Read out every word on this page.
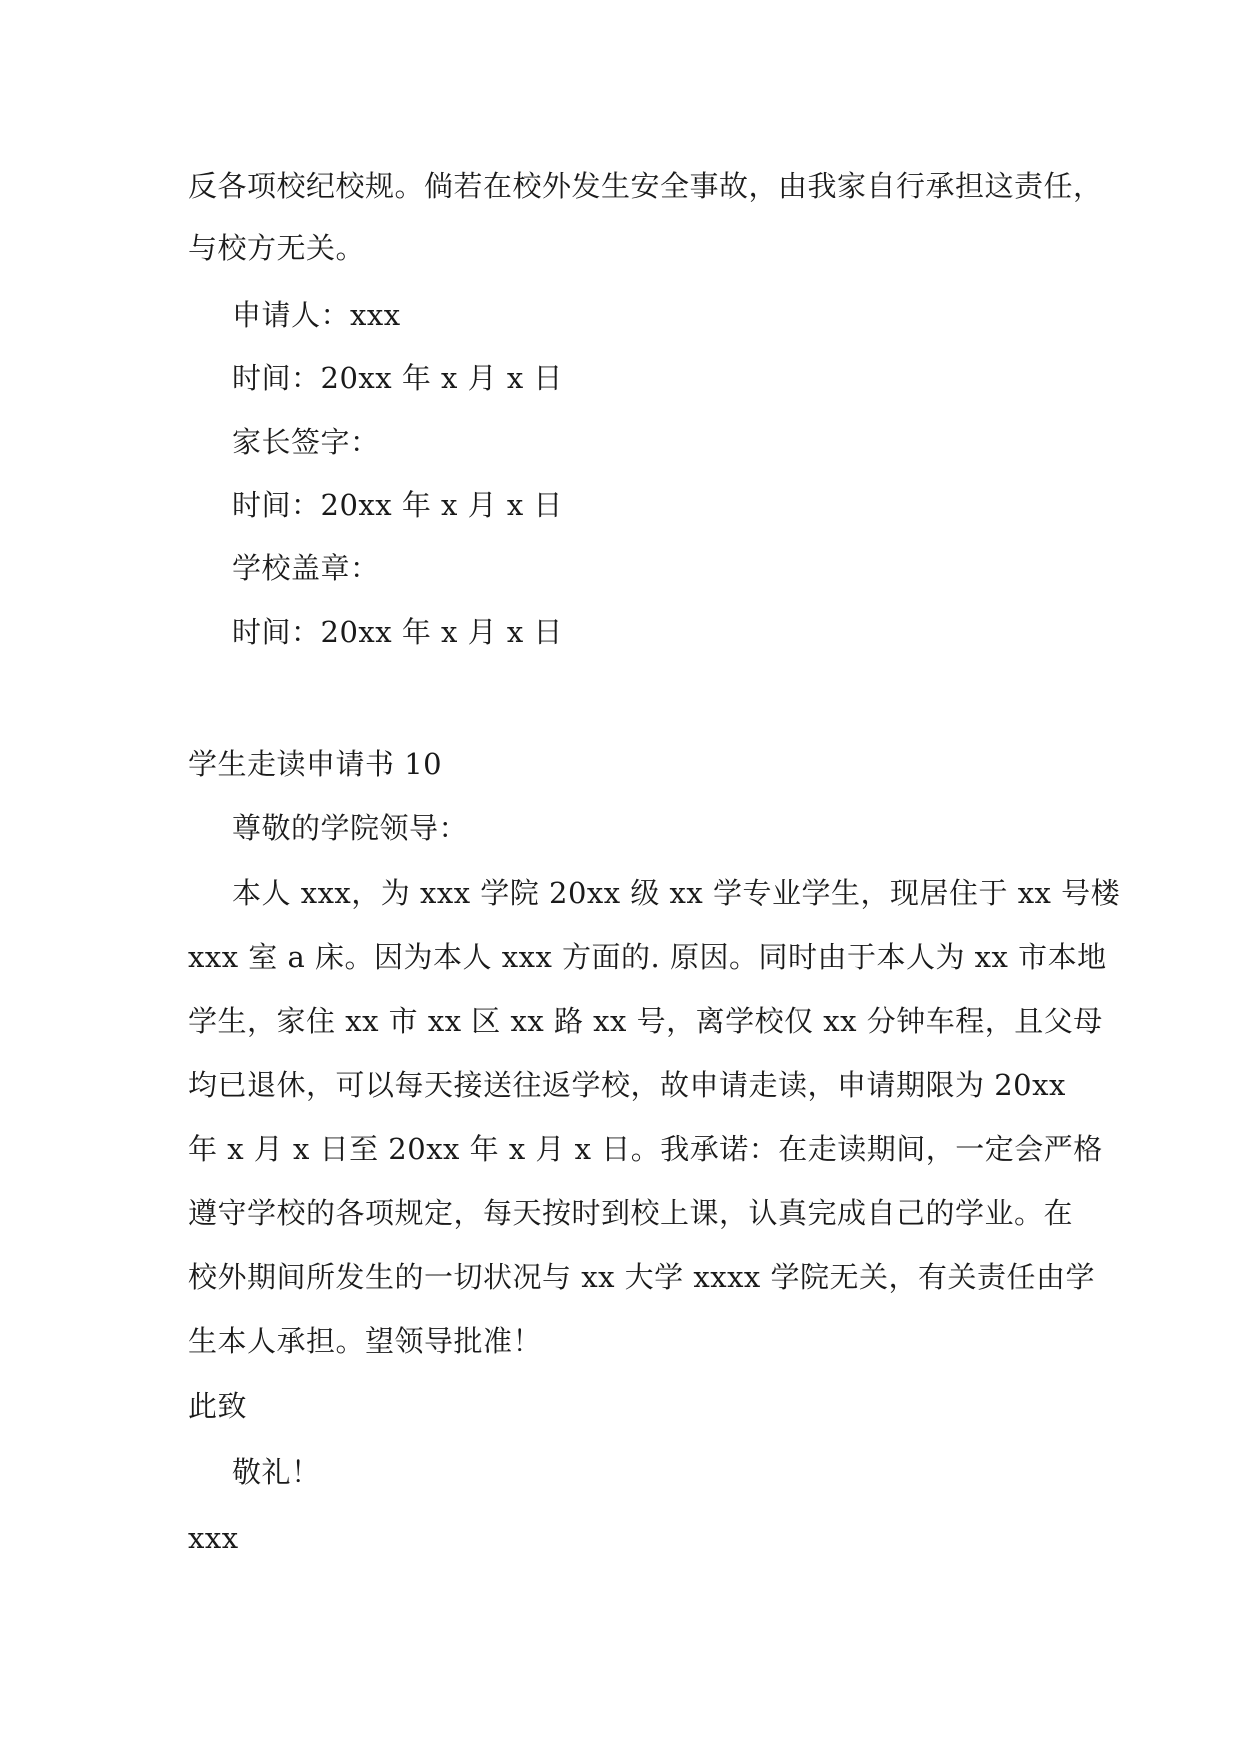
反各项校纪校规。倘若在校外发生安全事故，由我家自行承担这责任，
与校方无关。
申请人：xxx
时间：20xx 年 x 月 x 日
家长签字：
时间：20xx 年 x 月 x 日
学校盖章：
时间：20xx 年 x 月 x 日
学生走读申请书 10
尊敬的学院领导：
本人 xxx，为 xxx 学院 20xx 级 xx 学专业学生，现居住于 xx 号楼
xxx 室 a 床。因为本人 xxx 方面的. 原因。同时由于本人为 xx 市本地
学生，家住 xx 市 xx 区 xx 路 xx 号，离学校仅 xx 分钟车程，且父母
均已退休，可以每天接送往返学校，故申请走读，申请期限为 20xx
年 x 月 x 日至 20xx 年 x 月 x 日。我承诺：在走读期间，一定会严格
遵守学校的各项规定，每天按时到校上课，认真完成自己的学业。在
校外期间所发生的一切状况与 xx 大学 xxxx 学院无关，有关责任由学
生本人承担。望领导批准！
此致
敬礼！
xxx
